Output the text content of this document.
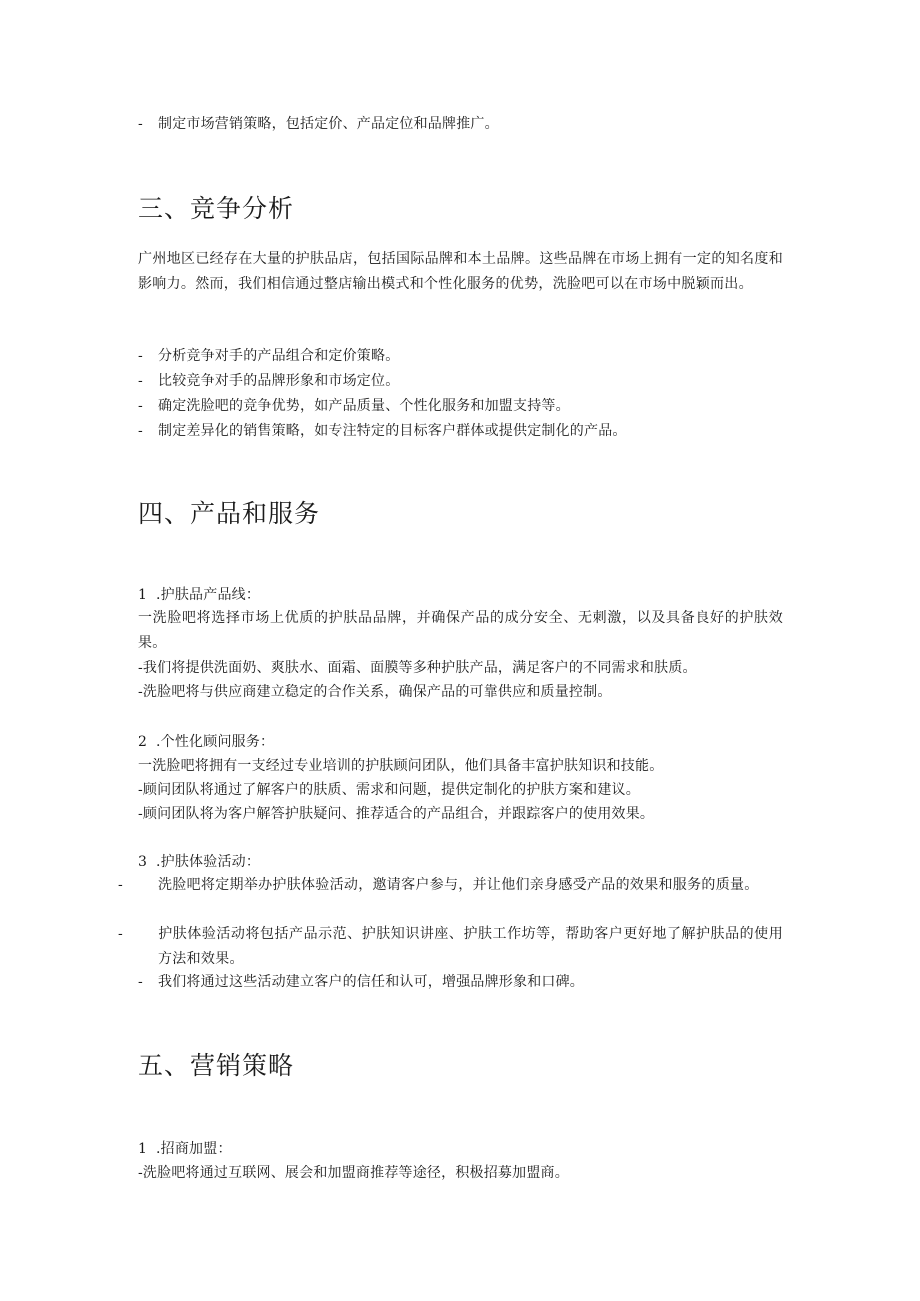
- 制定市场营销策略，包括定价、产品定位和品牌推广。
三、竞争分析
广州地区已经存在大量的护肤品店，包括国际品牌和本土品牌。这些品牌在市场上拥有一定的知名度和影响力。然而，我们相信通过整店输出模式和个性化服务的优势，洗脸吧可以在市场中脱颖而出。
- 分析竞争对手的产品组合和定价策略。
- 比较竞争对手的品牌形象和市场定位。
- 确定洗脸吧的竞争优势，如产品质量、个性化服务和加盟支持等。
- 制定差异化的销售策略，如专注特定的目标客户群体或提供定制化的产品。
四、产品和服务
1 .护肤品产品线：
一洗脸吧将选择市场上优质的护肤品品牌，并确保产品的成分安全、无刺激，以及具备良好的护肤效果。
-我们将提供洗面奶、爽肤水、面霜、面膜等多种护肤产品，满足客户的不同需求和肤质。
-洗脸吧将与供应商建立稳定的合作关系，确保产品的可靠供应和质量控制。
2 .个性化顾问服务：
一洗脸吧将拥有一支经过专业培训的护肤顾问团队，他们具备丰富护肤知识和技能。
-顾问团队将通过了解客户的肤质、需求和问题，提供定制化的护肤方案和建议。
-顾问团队将为客户解答护肤疑问、推荐适合的产品组合，并跟踪客户的使用效果。
3 .护肤体验活动：
- 洗脸吧将定期举办护肤体验活动，邀请客户参与，并让他们亲身感受产品的效果和服务的质量。
- 护肤体验活动将包括产品示范、护肤知识讲座、护肤工作坊等，帮助客户更好地了解护肤品的使用方法和效果。
- 我们将通过这些活动建立客户的信任和认可，增强品牌形象和口碑。
五、营销策略
1 .招商加盟：
-洗脸吧将通过互联网、展会和加盟商推荐等途径，积极招募加盟商。
